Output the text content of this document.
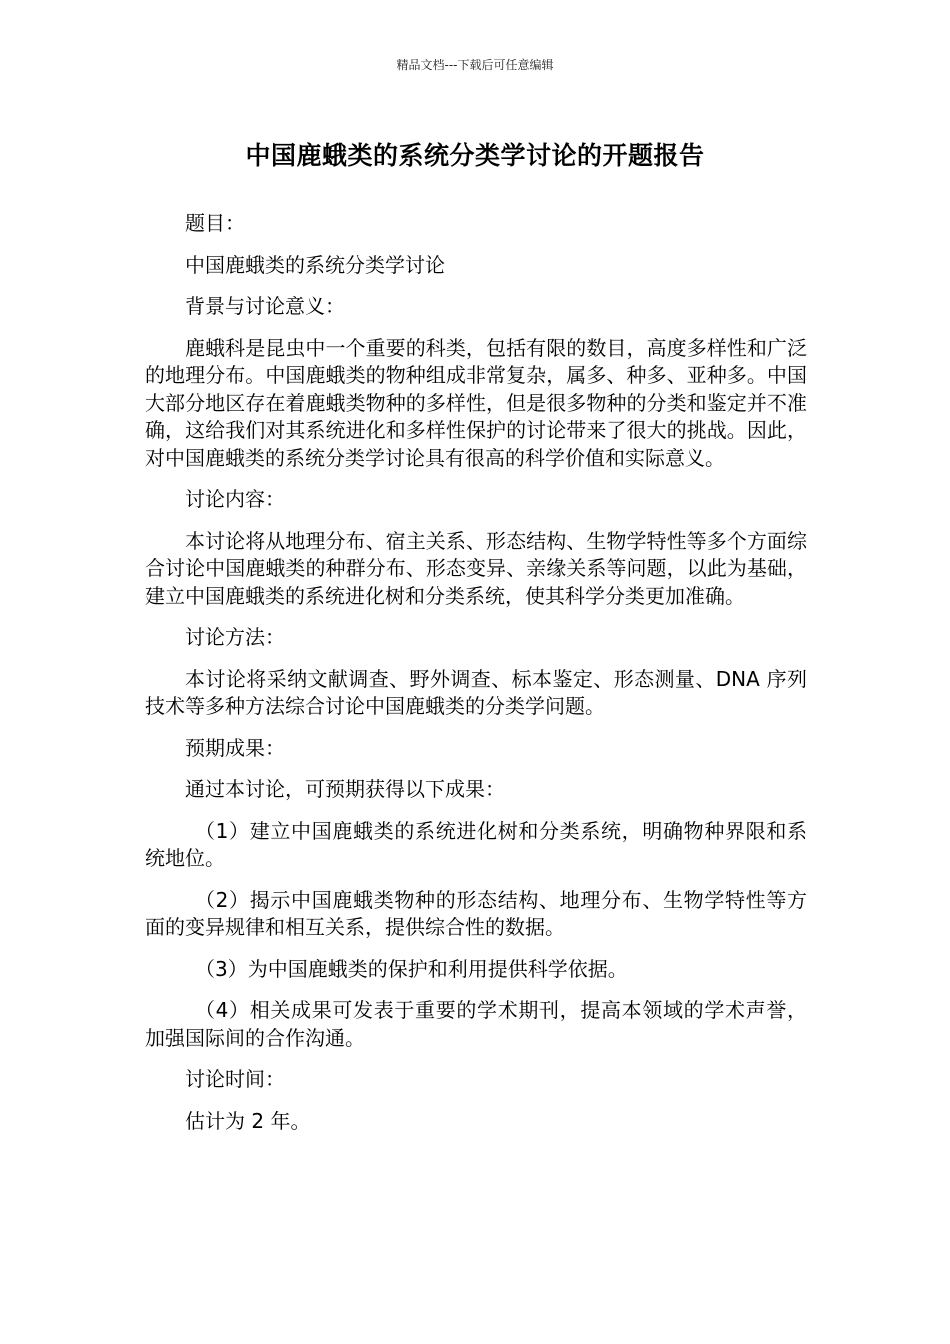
精品文档---下载后可任意编辑
中国鹿蛾类的系统分类学讨论的开题报告

题目：

中国鹿蛾类的系统分类学讨论

背景与讨论意义：

鹿蛾科是昆虫中一个重要的科类，包括有限的数目，高度多样性和广泛的地理分布。中国鹿蛾类的物种组成非常复杂，属多、种多、亚种多。中国大部分地区存在着鹿蛾类物种的多样性，但是很多物种的分类和鉴定并不准确，这给我们对其系统进化和多样性保护的讨论带来了很大的挑战。因此，对中国鹿蛾类的系统分类学讨论具有很高的科学价值和实际意义。

讨论内容：

本讨论将从地理分布、宿主关系、形态结构、生物学特性等多个方面综合讨论中国鹿蛾类的种群分布、形态变异、亲缘关系等问题，以此为基础，建立中国鹿蛾类的系统进化树和分类系统，使其科学分类更加准确。

讨论方法：

本讨论将采纳文献调查、野外调查、标本鉴定、形态测量、DNA 序列技术等多种方法综合讨论中国鹿蛾类的分类学问题。

预期成果：

通过本讨论，可预期获得以下成果：

（1）建立中国鹿蛾类的系统进化树和分类系统，明确物种界限和系统地位。

（2）揭示中国鹿蛾类物种的形态结构、地理分布、生物学特性等方面的变异规律和相互关系，提供综合性的数据。

（3）为中国鹿蛾类的保护和利用提供科学依据。

（4）相关成果可发表于重要的学术期刊，提高本领域的学术声誉，加强国际间的合作沟通。

讨论时间：

估计为 2 年。
